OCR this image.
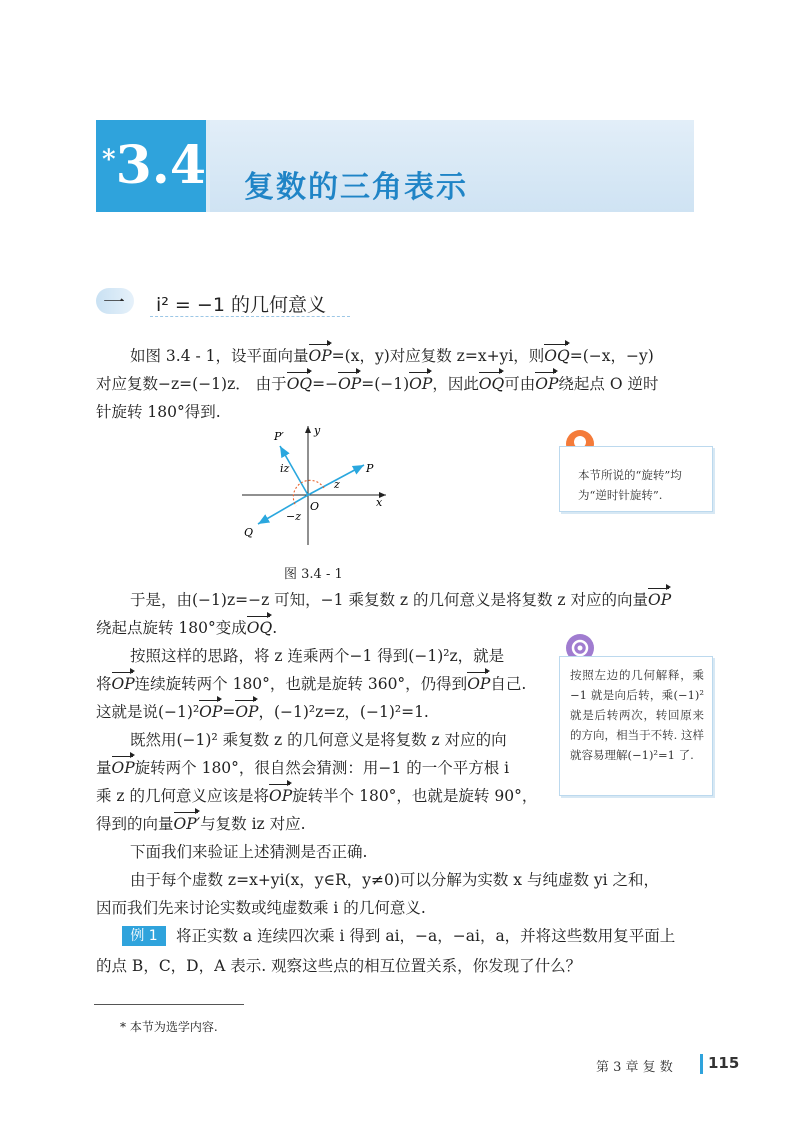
*3.4 复数的三角表示
一 i² = −1 的几何意义
如图 3.4 - 1，设平面向量OP=(x，y)对应复数 z=x+yi，则OQ=(−x，−y)
对应复数−z=(−1)z． 由于OQ=−OP=(−1)OP，因此OQ可由OP绕起点 O 逆时
针旋转 180°得到.
y
x
O
P
P′
Q
z
iz
−z
图 3.4 - 1
本节所说的“旋转”均为“逆时针旋转”.
于是，由(−1)z=−z 可知，−1 乘复数 z 的几何意义是将复数 z 对应的向量OP
绕起点旋转 180°变成OQ.
按照这样的思路，将 z 连乘两个−1 得到(−1)²z，就是
将OP连续旋转两个 180°，也就是旋转 360°，仍得到OP自己.
这就是说(−1)²OP=OP，(−1)²z=z，(−1)²=1.
既然用(−1)² 乘复数 z 的几何意义是将复数 z 对应的向
量OP旋转两个 180°，很自然会猜测：用−1 的一个平方根 i
乘 z 的几何意义应该是将OP旋转半个 180°，也就是旋转 90°，
得到的向量OP′与复数 iz 对应.
下面我们来验证上述猜测是否正确.
由于每个虚数 z=x+yi(x，y∈R，y≠0)可以分解为实数 x 与纯虚数 yi 之和，
因而我们先来讨论实数或纯虚数乘 i 的几何意义.
按照左边的几何解释，乘−1 就是向后转，乘(−1)² 就是后转两次，转回原来的方向，相当于不转. 这样就容易理解(−1)²=1 了.
例 1	将正实数 a 连续四次乘 i 得到 ai，−a，−ai，a，并将这些数用复平面上
的点 B，C，D，A 表示. 观察这些点的相互位置关系，你发现了什么？
* 本节为选学内容.
第 3 章 复 数 115
